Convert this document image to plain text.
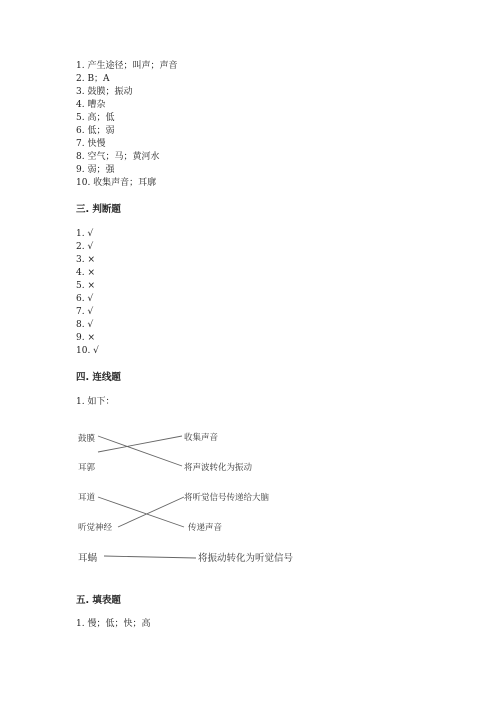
1. 产生途径；叫声；声音
2. B；A
3. 鼓膜；振动
4. 嘈杂
5. 高；低
6. 低；弱
7. 快慢
8. 空气；马；黄河水
9. 弱；强
10. 收集声音；耳廓
三. 判断题
1. √
2. √
3. ×
4. ×
5. ×
6. √
7. √
8. √
9. ×
10. √
四. 连线题
1. 如下：
鼓膜
耳郭
耳道
听觉神经
耳蜗
收集声音
将声波转化为振动
将听觉信号传递给大脑
传递声音
将振动转化为听觉信号
五. 填表题
1. 慢；低；快；高
